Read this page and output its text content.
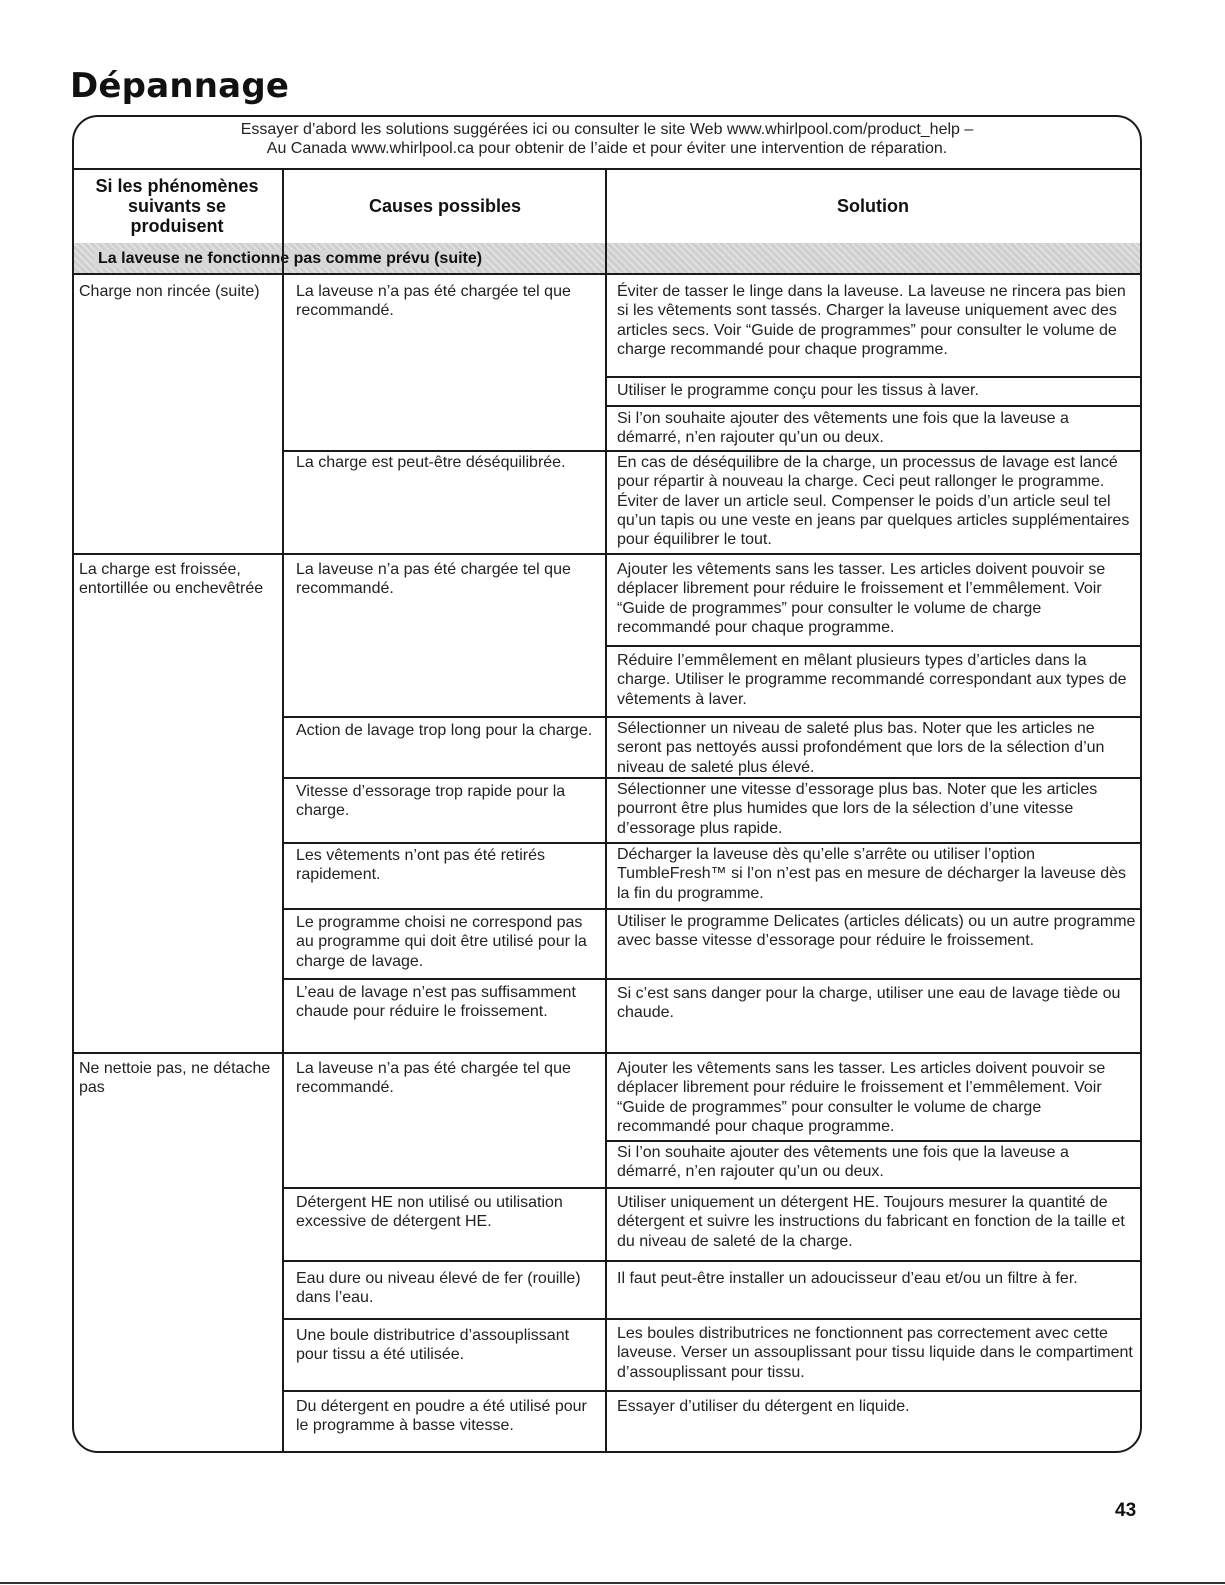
Dépannage
Essayer d’abord les solutions suggérées ici ou consulter le site Web www.whirlpool.com/product_help –
Au Canada www.whirlpool.ca pour obtenir de l’aide et pour éviter une intervention de réparation.
Si les phénomènes suivants se produisent
Causes possibles	Solution
La laveuse ne fonctionne pas comme prévu (suite)
Charge non rincée (suite)
La charge est froissée, entortillée ou enchevêtrée
Ne nettoie pas, ne détache pas
La laveuse n’a pas été chargée tel que recommandé.
La charge est peut-être déséquilibrée.
La laveuse n’a pas été chargée tel que recommandé.
Action de lavage trop long pour la charge.
Vitesse d’essorage trop rapide pour la charge.
Les vêtements n’ont pas été retirés rapidement.
Le programme choisi ne correspond pas au programme qui doit être utilisé pour la charge de lavage.
L’eau de lavage n’est pas suffisamment chaude pour réduire le froissement.
La laveuse n’a pas été chargée tel que recommandé.
Détergent HE non utilisé ou utilisation excessive de détergent HE.
Eau dure ou niveau élevé de fer (rouille) dans l’eau.
Une boule distributrice d’assouplissant pour tissu a été utilisée.
Du détergent en poudre a été utilisé pour le programme à basse vitesse.
Éviter de tasser le linge dans la laveuse. La laveuse ne rincera pas bien si les vêtements sont tassés. Charger la laveuse uniquement avec des articles secs. Voir “Guide de programmes” pour consulter le volume de charge recommandé pour chaque programme.
Utiliser le programme conçu pour les tissus à laver.
Si l’on souhaite ajouter des vêtements une fois que la laveuse a démarré, n’en rajouter qu’un ou deux.
En cas de déséquilibre de la charge, un processus de lavage est lancé pour répartir à nouveau la charge. Ceci peut rallonger le programme. Éviter de laver un article seul. Compenser le poids d’un article seul tel qu’un tapis ou une veste en jeans par quelques articles supplémentaires pour équilibrer le tout.
Ajouter les vêtements sans les tasser. Les articles doivent pouvoir se déplacer librement pour réduire le froissement et l’emmêlement. Voir “Guide de programmes” pour consulter le volume de charge recommandé pour chaque programme.
Réduire l’emmêlement en mêlant plusieurs types d’articles dans la charge. Utiliser le programme recommandé correspondant aux types de vêtements à laver.
Sélectionner un niveau de saleté plus bas. Noter que les articles ne seront pas nettoyés aussi profondément que lors de la sélection d’un niveau de saleté plus élevé.
Sélectionner une vitesse d’essorage plus bas. Noter que les articles pourront être plus humides que lors de la sélection d’une vitesse d’essorage plus rapide.
Décharger la laveuse dès qu’elle s’arrête ou utiliser l’option TumbleFresh™ si l’on n’est pas en mesure de décharger la laveuse dès la fin du programme.
Utiliser le programme Delicates (articles délicats) ou un autre programme avec basse vitesse d’essorage pour réduire le froissement.
Si c’est sans danger pour la charge, utiliser une eau de lavage tiède ou chaude.
Ajouter les vêtements sans les tasser. Les articles doivent pouvoir se déplacer librement pour réduire le froissement et l’emmêlement. Voir “Guide de programmes” pour consulter le volume de charge recommandé pour chaque programme.
Si l’on souhaite ajouter des vêtements une fois que la laveuse a démarré, n’en rajouter qu’un ou deux.
Utiliser uniquement un détergent HE. Toujours mesurer la quantité de détergent et suivre les instructions du fabricant en fonction de la taille et du niveau de saleté de la charge.
Il faut peut-être installer un adoucisseur d’eau et/ou un filtre à fer.
Les boules distributrices ne fonctionnent pas correctement avec cette laveuse. Verser un assouplissant pour tissu liquide dans le compartiment d’assouplissant pour tissu.
Essayer d’utiliser du détergent en liquide.
43
